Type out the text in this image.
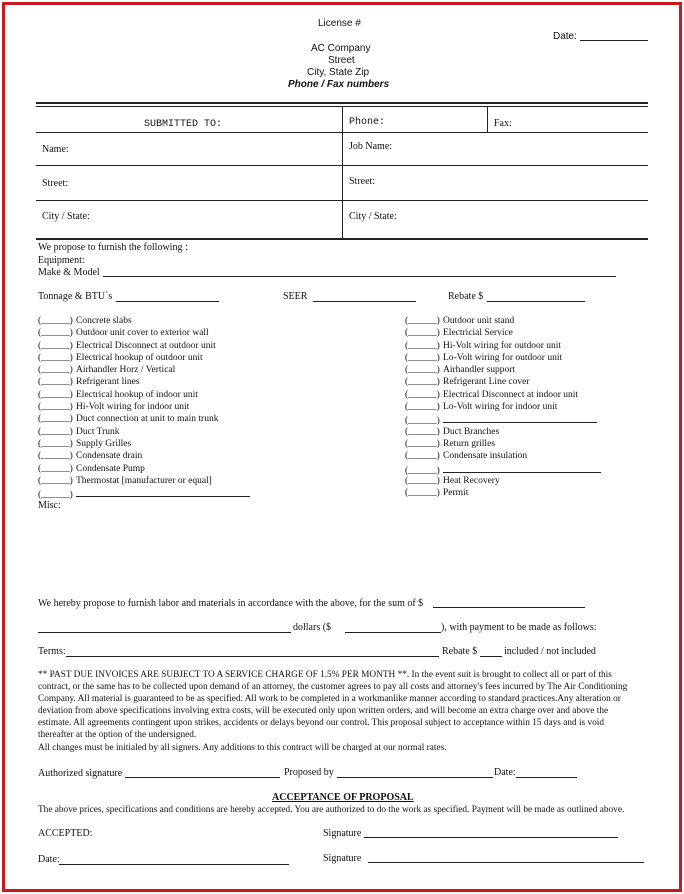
License #
AC Company
Street
City, State Zip
Phone / Fax numbers
Date:
SUBMITTED TO:	Phone:	Fax:
Name:	Job Name:
Street:	Street:
City / State:	City / State:
We propose to furnish the following :
Equipment:
Make & Model
Tonnage & BTU`s	SEER	Rebate $
(______) Concrete slabs
(______) Outdoor unit cover to exterior wall
(______) Electrical Disconnect at outdoor unit
(______) Electrical hookup of outdoor unit
(______) Airhandler Horz / Vertical
(______) Refrigerant lines
(______) Electrical hookup of indoor unit
(______) Hi-Volt wiring for indoor unit
(______) Duct connection at unit to main trunk
(______) Duct Trunk
(______) Supply Grilles
(______) Condensate drain
(______) Condensate Pump
(______) Thermostat [manufacturer or equal]
(______)
(______) Outdoor unit stand
(______) Electricial Service
(______) Hi-Volt wiring for outdoor unit
(______) Lo-Volt wiring for outdoor unit
(______) Airhandler support
(______) Refrigerant Line cover
(______) Electrical Disconnect at indoor unit
(______) Lo-Volt wiring for indoor unit
(______)
(______) Duct Branches
(______) Return grilles
(______) Condensate insulation
(______)
(______) Heat Recovery
(______) Permit
Misc:
We hereby propose to furnish labor and materials in accordance with the above, for the sum of $
dollars ($	), with payment to be made as follows:
Terms:	Rebate $	included / not included
** PAST DUE INVOICES ARE SUBJECT TO A SERVICE CHARGE OF 1.5% PER MONTH **. In the event suit is brought to collect all or part of this contract, or the same has to be collected upon demand of an attorney, the customer agrees to pay all costs and attorney's fees incurred by The Air Conditioning Company. All material is guaranteed to be as specified. All work to be completed in a workmanlike manner according to standard practices.Any alteration or deviation from above specifications involving extra costs, will be executed only upon written orders, and will become an extra charge over and above the estimate. All agreements contingent upon strikes, accidents or delays beyond our control. This proposal subject to acceptance within 15 days and is void thereafter at the option of the undersigned.
All changes must be initialed by all signers. Any additions to this contract will be charged at our normal rates.
Authorized signature	Proposed by	Date:
ACCEPTANCE OF PROPOSAL
The above prices, specifications and conditions are hereby accepted. You are authorized to do the work as specified. Payment will be made as outlined above.
ACCEPTED:	Signature
Date:	Signature
